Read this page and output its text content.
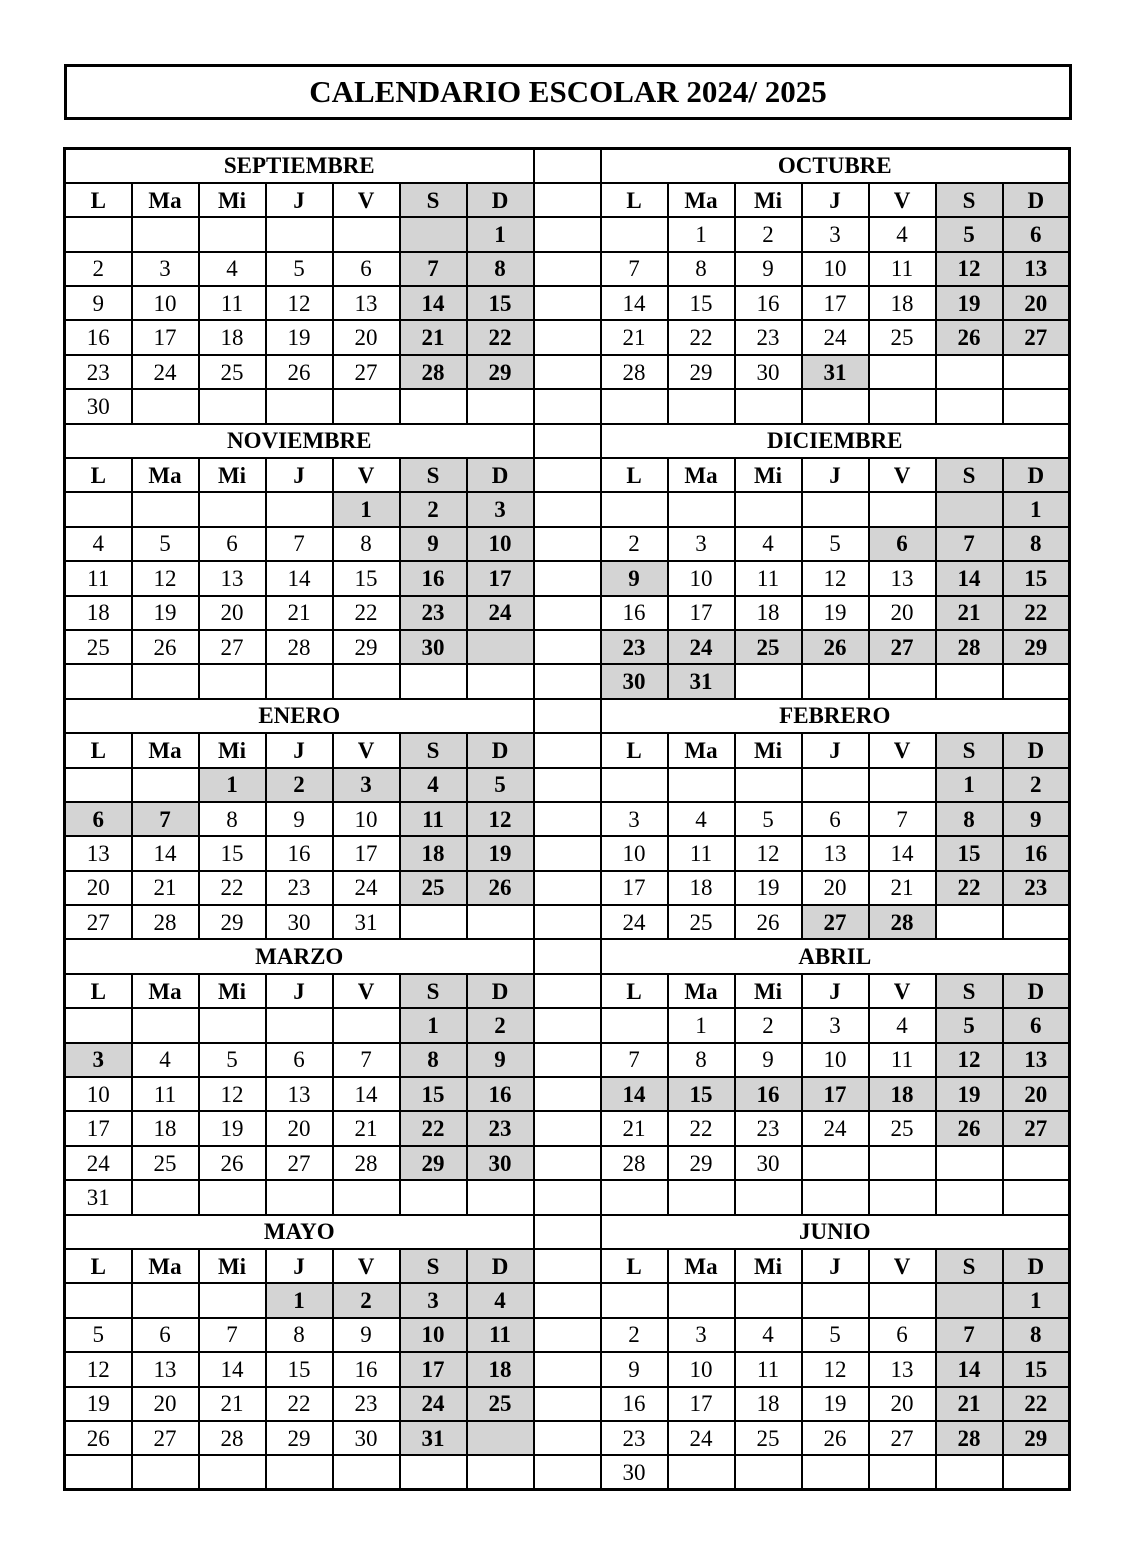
CALENDARIO ESCOLAR 2024/ 2025
SEPTIEMBRE								OCTUBRE						
L	Ma	Mi	J	V	S	D		L	Ma	Mi	J	V	S	D
						1			1	2	3	4	5	6
2	3	4	5	6	7	8		7	8	9	10	11	12	13
9	10	11	12	13	14	15		14	15	16	17	18	19	20
16	17	18	19	20	21	22		21	22	23	24	25	26	27
23	24	25	26	27	28	29		28	29	30	31			
30														
NOVIEMBRE								DICIEMBRE						
L	Ma	Mi	J	V	S	D		L	Ma	Mi	J	V	S	D
				1	2	3								1
4	5	6	7	8	9	10		2	3	4	5	6	7	8
11	12	13	14	15	16	17		9	10	11	12	13	14	15
18	19	20	21	22	23	24		16	17	18	19	20	21	22
25	26	27	28	29	30			23	24	25	26	27	28	29
								30	31					
ENERO								FEBRERO						
L	Ma	Mi	J	V	S	D		L	Ma	Mi	J	V	S	D
		1	2	3	4	5							1	2
6	7	8	9	10	11	12		3	4	5	6	7	8	9
13	14	15	16	17	18	19		10	11	12	13	14	15	16
20	21	22	23	24	25	26		17	18	19	20	21	22	23
27	28	29	30	31				24	25	26	27	28		
MARZO								ABRIL						
L	Ma	Mi	J	V	S	D		L	Ma	Mi	J	V	S	D
					1	2			1	2	3	4	5	6
3	4	5	6	7	8	9		7	8	9	10	11	12	13
10	11	12	13	14	15	16		14	15	16	17	18	19	20
17	18	19	20	21	22	23		21	22	23	24	25	26	27
24	25	26	27	28	29	30		28	29	30				
31														
MAYO								JUNIO						
L	Ma	Mi	J	V	S	D		L	Ma	Mi	J	V	S	D
			1	2	3	4								1
5	6	7	8	9	10	11		2	3	4	5	6	7	8
12	13	14	15	16	17	18		9	10	11	12	13	14	15
19	20	21	22	23	24	25		16	17	18	19	20	21	22
26	27	28	29	30	31			23	24	25	26	27	28	29
								30						
